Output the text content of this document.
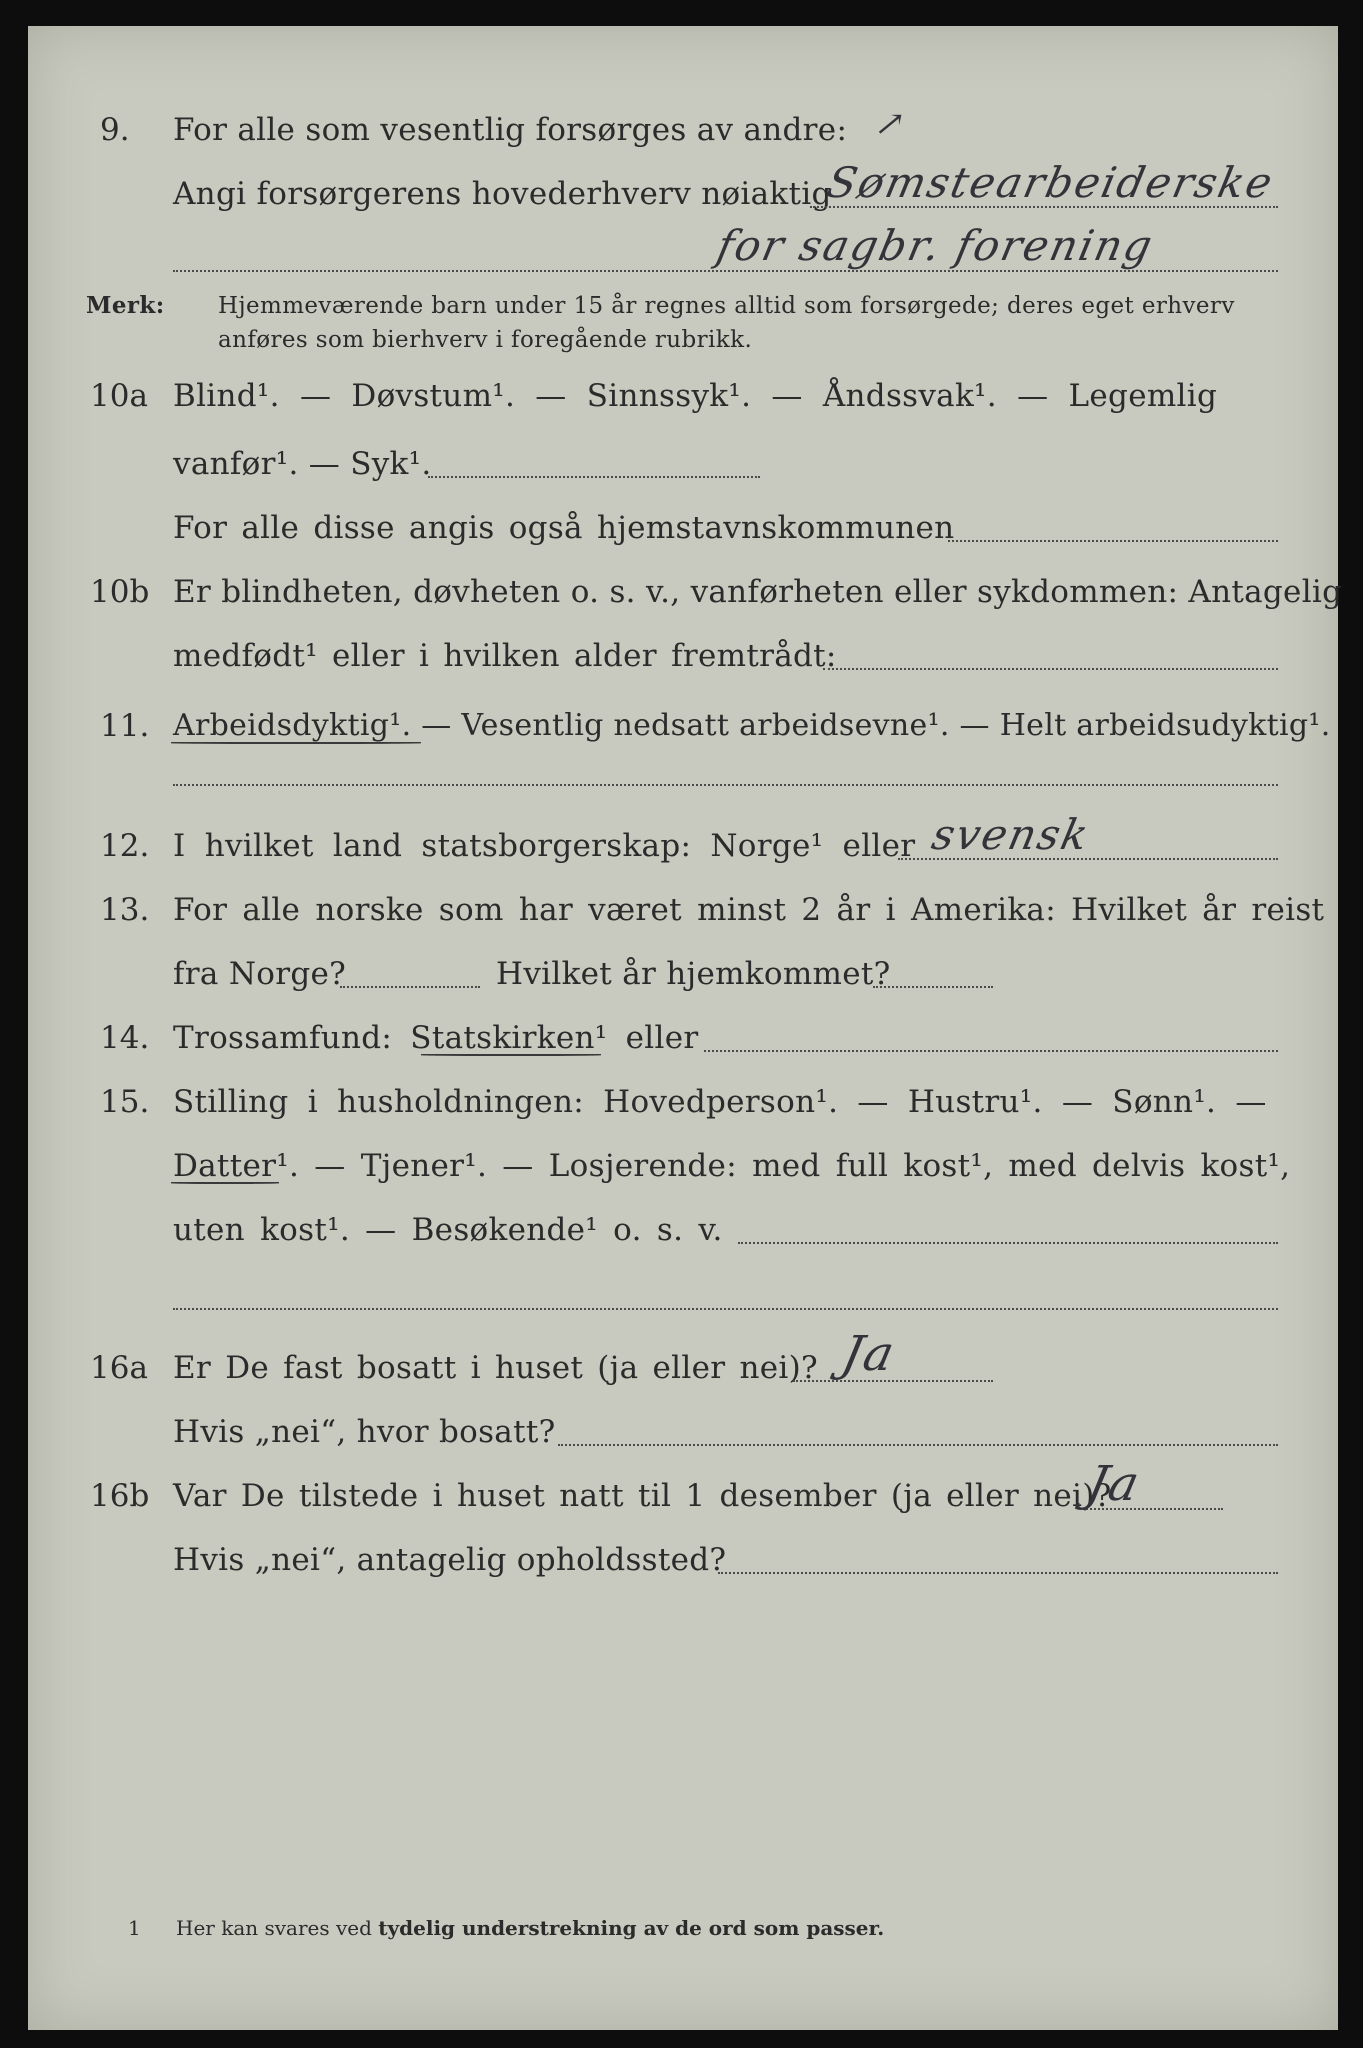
9. For alle som vesentlig forsørges av andre: ↗
Angi forsørgerens hovederhverv nøiaktig
Sømstearbeiderske
for sagbr. forening
Merk: Hjemmeværende barn under 15 år regnes alltid som forsørgede; deres eget erhverv
anføres som bierhverv i foregående rubrikk.
10a Blind¹. — Døvstum¹. — Sinnssyk¹. — Åndssvak¹. — Legemlig
vanfør¹. — Syk¹.
For alle disse angis også hjemstavnskommunen
10b Er blindheten, døvheten o. s. v., vanførheten eller sykdommen: Antagelig
medfødt¹ eller i hvilken alder fremtrådt:
11. Arbeidsdyktig¹. — Vesentlig nedsatt arbeidsevne¹. — Helt arbeidsudyktig¹.
12. I hvilket land statsborgerskap: Norge¹ eller svensk
13. For alle norske som har været minst 2 år i Amerika: Hvilket år reist
fra Norge?	Hvilket år hjemkommet?
14. Trossamfund: Statskirken¹ eller
15. Stilling i husholdningen: Hovedperson¹. — Hustru¹. — Sønn¹. —
Datter¹. — Tjener¹. — Losjerende: med full kost¹, med delvis kost¹,
uten kost¹. — Besøkende¹ o. s. v.
16a Er De fast bosatt i huset (ja eller nei)? Ja
Hvis „nei“, hvor bosatt?
16b Var De tilstede i huset natt til 1 desember (ja eller nei)?
Ja
Hvis „nei“, antagelig opholdssted?
1 Her kan svares ved tydelig understrekning av de ord som passer.
